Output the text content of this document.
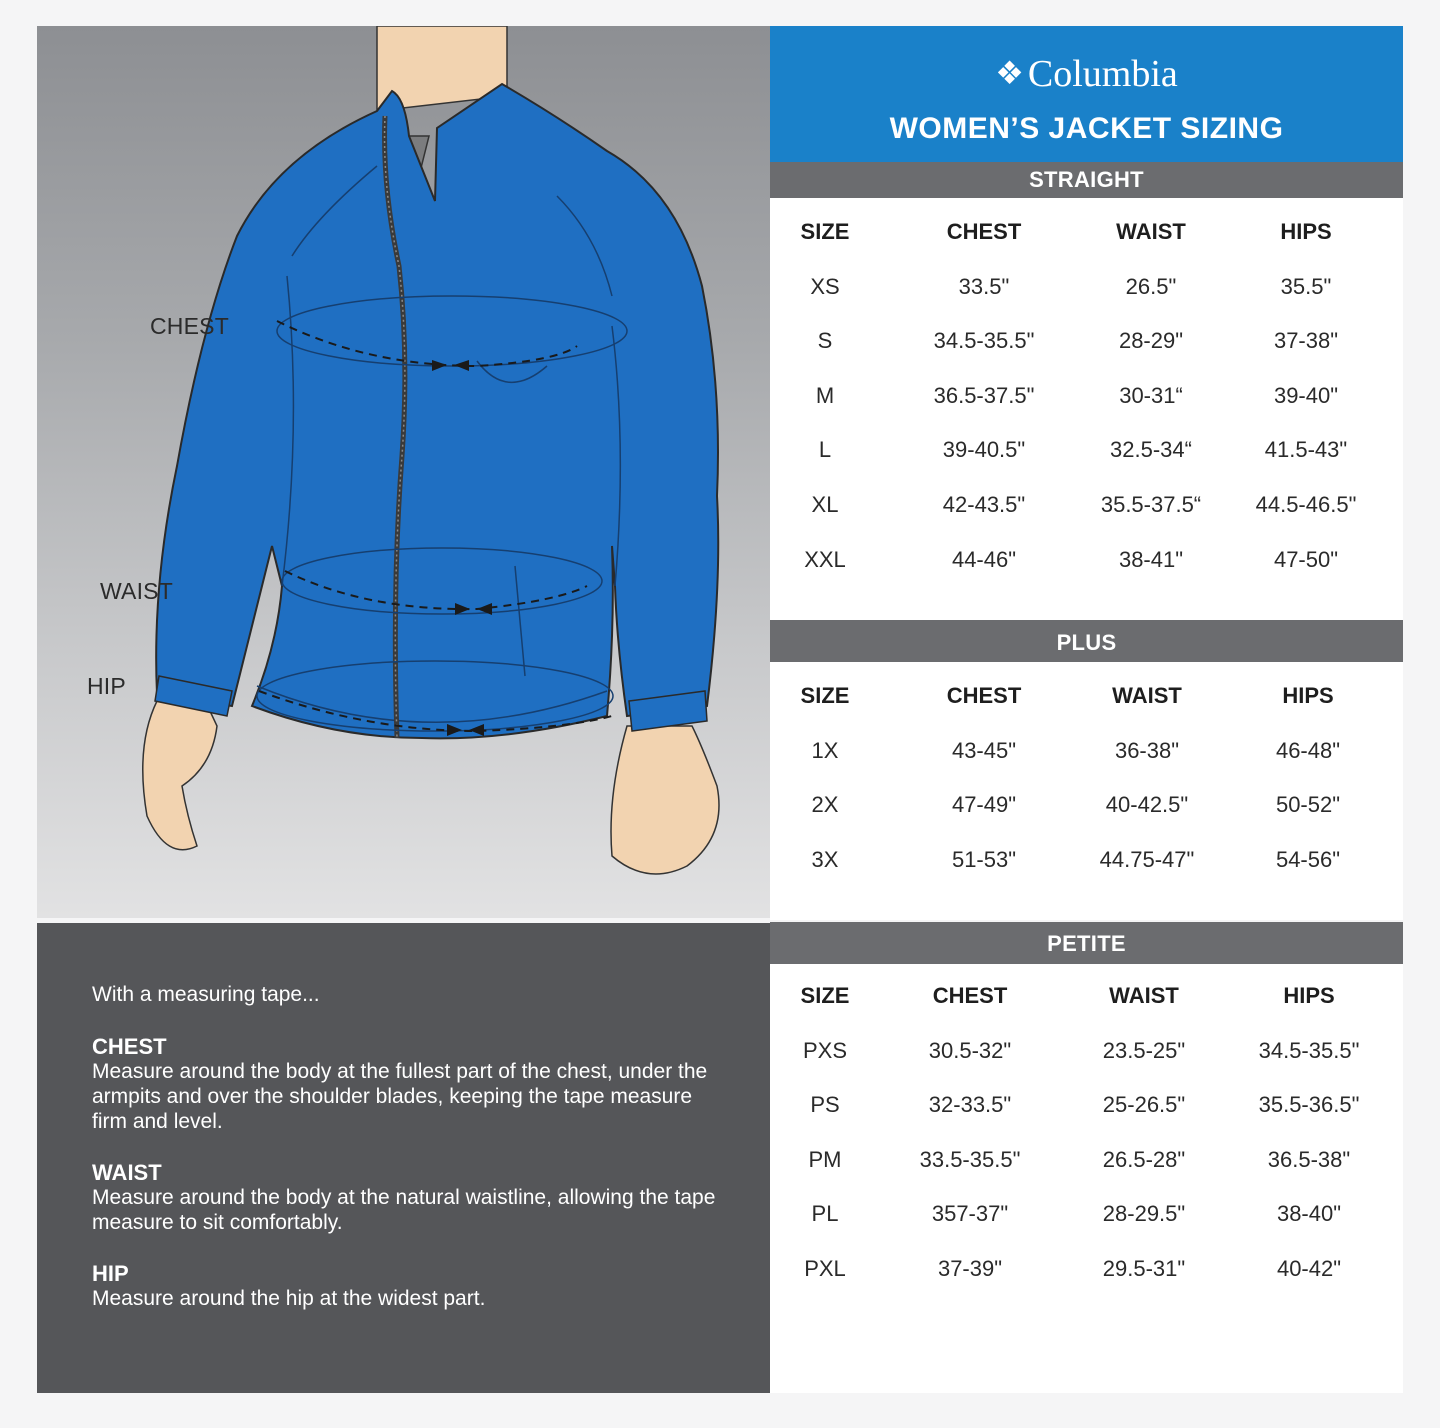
CHEST
WAIST
HIP
With a measuring tape...
CHEST

Measure around the body at the fullest part of the chest, under the armpits and over the shoulder blades, keeping the tape measure firm and level.

WAIST

Measure around the body at the natural waistline, allowing the tape measure to sit comfortably.

HIP

Measure around the hip at the widest part.

❖ Columbia
WOMEN’S JACKET SIZING
STRAIGHT
SIZE	CHEST	WAIST	HIPS
XS	33.5"	26.5"	35.5"
S	34.5-35.5"	28-29"	37-38"
M	36.5-37.5"	30-31“	39-40"
L	39-40.5"	32.5-34“	41.5-43"
XL	42-43.5"	35.5-37.5“	44.5-46.5"
XXL	44-46"	38-41"	47-50"
PLUS
SIZE	CHEST	WAIST	HIPS
1X	43-45"	36-38"	46-48"
2X	47-49"	40-42.5"	50-52"
3X	51-53"	44.75-47"	54-56"
PETITE
SIZE	CHEST	WAIST	HIPS
PXS	30.5-32"	23.5-25"	34.5-35.5"
PS	32-33.5"	25-26.5"	35.5-36.5"
PM	33.5-35.5"	26.5-28"	36.5-38"
PL	357-37"	28-29.5"	38-40"
PXL	37-39"	29.5-31"	40-42"
